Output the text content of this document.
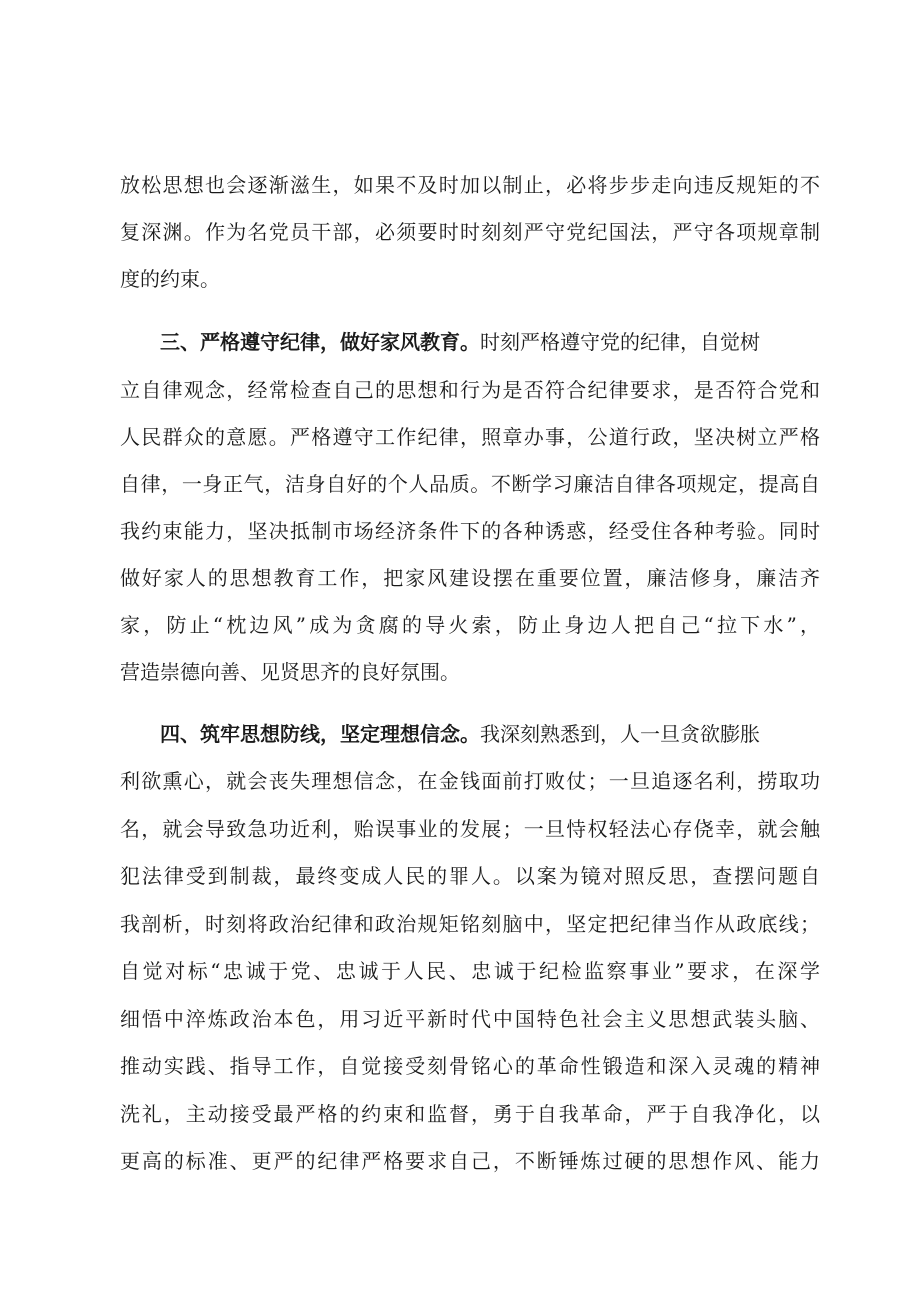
放松思想也会逐渐滋生，如果不及时加以制止，必将步步走向违反规矩的不
复深渊。作为名党员干部，必须要时时刻刻严守党纪国法，严守各项规章制
度的约束。
三、严格遵守纪律，做好家风教育。时刻严格遵守党的纪律，自觉树
立自律观念，经常检查自己的思想和行为是否符合纪律要求，是否符合党和
人民群众的意愿。严格遵守工作纪律，照章办事，公道行政，坚决树立严格
自律，一身正气，洁身自好的个人品质。不断学习廉洁自律各项规定，提高自
我约束能力，坚决抵制市场经济条件下的各种诱惑，经受住各种考验。同时
做好家人的思想教育工作，把家风建设摆在重要位置，廉洁修身，廉洁齐
家，防止“枕边风”成为贪腐的导火索，防止身边人把自己“拉下水”，
营造崇德向善、见贤思齐的良好氛围。
四、筑牢思想防线，坚定理想信念。我深刻熟悉到，人一旦贪欲膨胀
利欲熏心，就会丧失理想信念，在金钱面前打败仗；一旦追逐名利，捞取功
名，就会导致急功近利，贻误事业的发展；一旦恃权轻法心存侥幸，就会触
犯法律受到制裁，最终变成人民的罪人。以案为镜对照反思，查摆问题自
我剖析，时刻将政治纪律和政治规矩铭刻脑中，坚定把纪律当作从政底线；
自觉对标“忠诚于党、忠诚于人民、忠诚于纪检监察事业”要求，在深学
细悟中淬炼政治本色，用习近平新时代中国特色社会主义思想武装头脑、
推动实践、指导工作，自觉接受刻骨铭心的革命性锻造和深入灵魂的精神
洗礼，主动接受最严格的约束和监督，勇于自我革命，严于自我净化，以
更高的标准、更严的纪律严格要求自己，不断锤炼过硬的思想作风、能力
